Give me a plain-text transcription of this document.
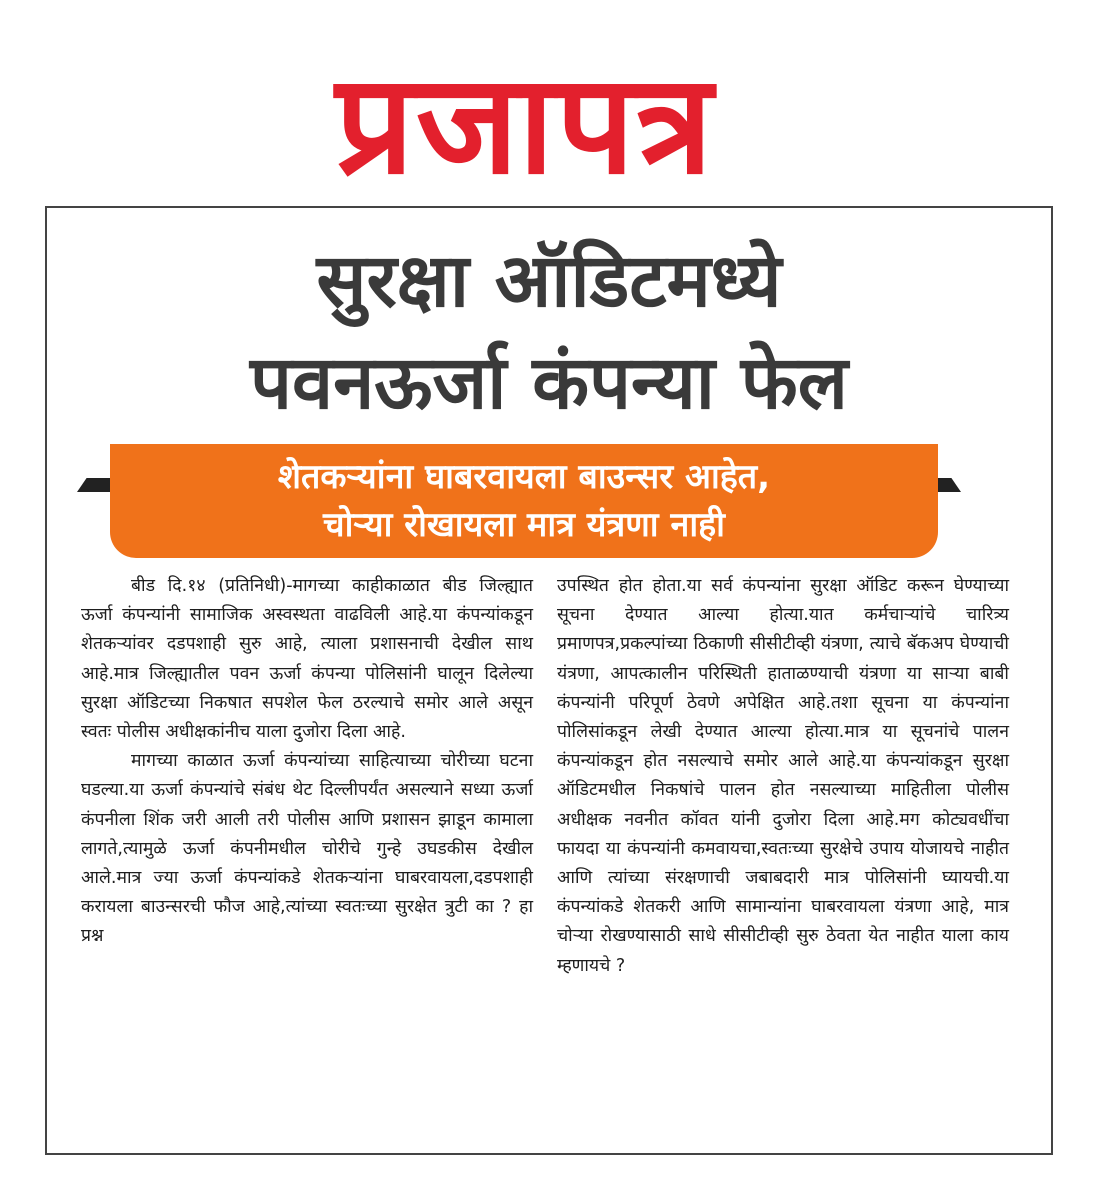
प्रजापत्र
सुरक्षा ऑडिटमध्ये
पवनऊर्जा कंपन्या फेल
शेतकऱ्यांना घाबरवायला बाउन्सर आहेत,
चोऱ्या रोखायला मात्र यंत्रणा नाही

बीड दि.१४ (प्रतिनिधी)-मागच्या काहीकाळात बीड जिल्ह्यात ऊर्जा कंपन्यांनी सामाजिक अस्वस्थता वाढविली आहे.या कंपन्यांकडून शेतकऱ्यांवर दडपशाही सुरु आहे, त्याला प्रशासनाची देखील साथ आहे.मात्र जिल्ह्यातील पवन ऊर्जा कंपन्या पोलिसांनी घालून दिलेल्या सुरक्षा ऑडिटच्या निकषात सपशेल फेल ठरल्याचे समोर आले असून स्वतः पोलीस अधीक्षकांनीच याला दुजोरा दिला आहे.

मागच्या काळात ऊर्जा कंपन्यांच्या साहित्याच्या चोरीच्या घटना घडल्या.या ऊर्जा कंपन्यांचे संबंध थेट दिल्लीपर्यंत असल्याने सध्या ऊर्जा कंपनीला शिंक जरी आली तरी पोलीस आणि प्रशासन झाडून कामाला लागते,त्यामुळे ऊर्जा कंपनीमधील चोरीचे गुन्हे उघडकीस देखील आले.मात्र ज्या ऊर्जा कंपन्यांकडे शेतकऱ्यांना घाबरवायला,दडपशाही करायला बाउन्सरची फौज आहे,त्यांच्या स्वतःच्या सुरक्षेत त्रुटी का ? हा प्रश्न

उपस्थित होत होता.या सर्व कंपन्यांना सुरक्षा ऑडिट करून घेण्याच्या सूचना देण्यात आल्या होत्या.यात कर्मचाऱ्यांचे चारित्र्य प्रमाणपत्र,प्रकल्पांच्या ठिकाणी सीसीटीव्ही यंत्रणा, त्याचे बॅकअप घेण्याची यंत्रणा, आपत्कालीन परिस्थिती हाताळण्याची यंत्रणा या साऱ्या बाबी कंपन्यांनी परिपूर्ण ठेवणे अपेक्षित आहे.तशा सूचना या कंपन्यांना पोलिसांकडून लेखी देण्यात आल्या होत्या.मात्र या सूचनांचे पालन कंपन्यांकडून होत नसल्याचे समोर आले आहे.या कंपन्यांकडून सुरक्षा ऑडिटमधील निकषांचे पालन होत नसल्याच्या माहितीला पोलीस अधीक्षक नवनीत कॉवत यांनी दुजोरा दिला आहे.मग कोट्यवधींचा फायदा या कंपन्यांनी कमवायचा,स्वतःच्या सुरक्षेचे उपाय योजायचे नाहीत आणि त्यांच्या संरक्षणाची जबाबदारी मात्र पोलिसांनी घ्यायची.या कंपन्यांकडे शेतकरी आणि सामान्यांना घाबरवायला यंत्रणा आहे, मात्र चोऱ्या रोखण्यासाठी साधे सीसीटीव्ही सुरु ठेवता येत नाहीत याला काय म्हणायचे ?
